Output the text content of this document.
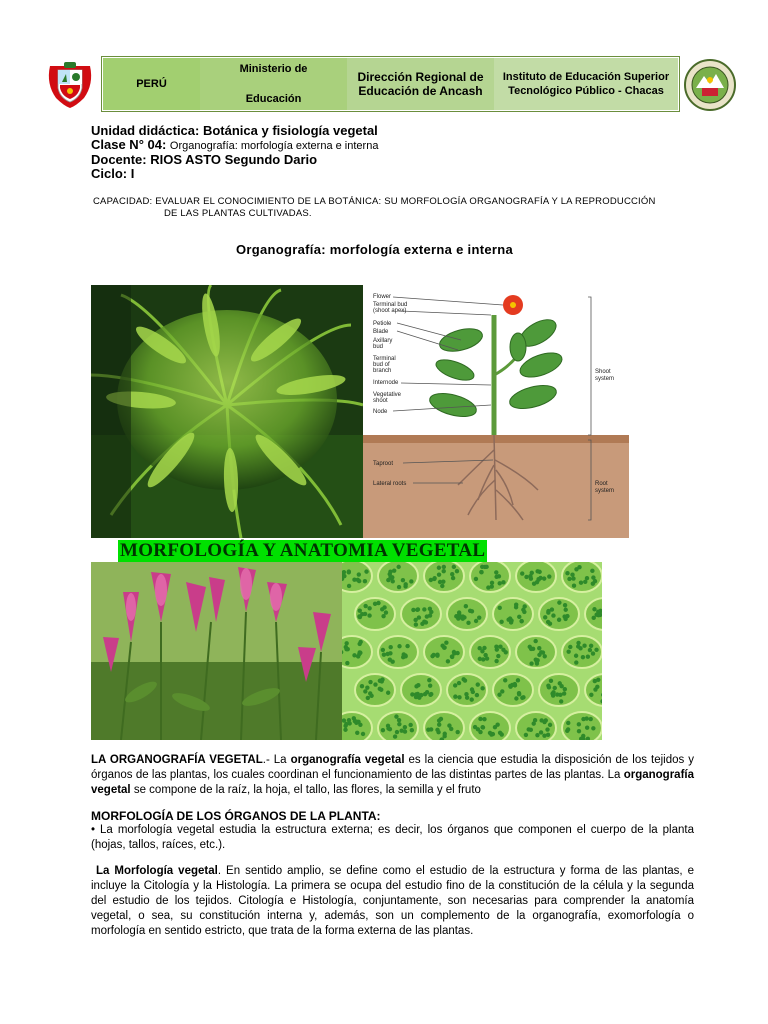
PERÚ
Ministerio de
Educación
Dirección Regional de
Educación de Ancash
Instituto de Educación Superior
Tecnológico Público - Chacas
Unidad didáctica: Botánica y fisiología vegetal
Clase N° 04: Organografía: morfología externa e interna
Docente: RIOS ASTO Segundo Dario
Ciclo: I
CAPACIDAD: EVALUAR EL CONOCIMIENTO DE LA BOTÁNICA: SU MORFOLOGÍA ORGANOGRAFÍA Y LA REPRODUCCIÓN
DE LAS PLANTAS CULTIVADAS.
Organografía: morfología externa e interna
Flower
Terminal bud
(shoot apex)
Petiole
Blade
Axillary
bud
Terminal
bud of
branch
Internode
Vegetative
shoot
Node
Taproot
Lateral roots
Shoot
system
Root
system
MORFOLOGÍA Y ANATOMIA VEGETAL
LA ORGANOGRAFÍA VEGETAL.- La organografía vegetal es la ciencia que estudia la disposición de los tejidos y órganos de las plantas, los cuales coordinan el funcionamiento de las distintas partes de las plantas. La organografía vegetal se compone de la raíz, la hoja, el tallo, las flores, la semilla y el fruto
MORFOLOGÍA DE LOS ÓRGANOS DE LA PLANTA:
• La morfología vegetal estudia la estructura externa; es decir, los órganos que componen el cuerpo de la planta (hojas, tallos, raíces, etc.).
La Morfología vegetal. En sentido amplio, se define como el estudio de la estructura y forma de las plantas, e incluye la Citología y la Histología. La primera se ocupa del estudio fino de la constitución de la célula y la segunda del estudio de los tejidos. Citología e Histología, conjuntamente, son necesarias para comprender la anatomía vegetal, o sea, su constitución interna y, además, son un complemento de la organografía, exomorfología o morfología en sentido estricto, que trata de la forma externa de las plantas.
